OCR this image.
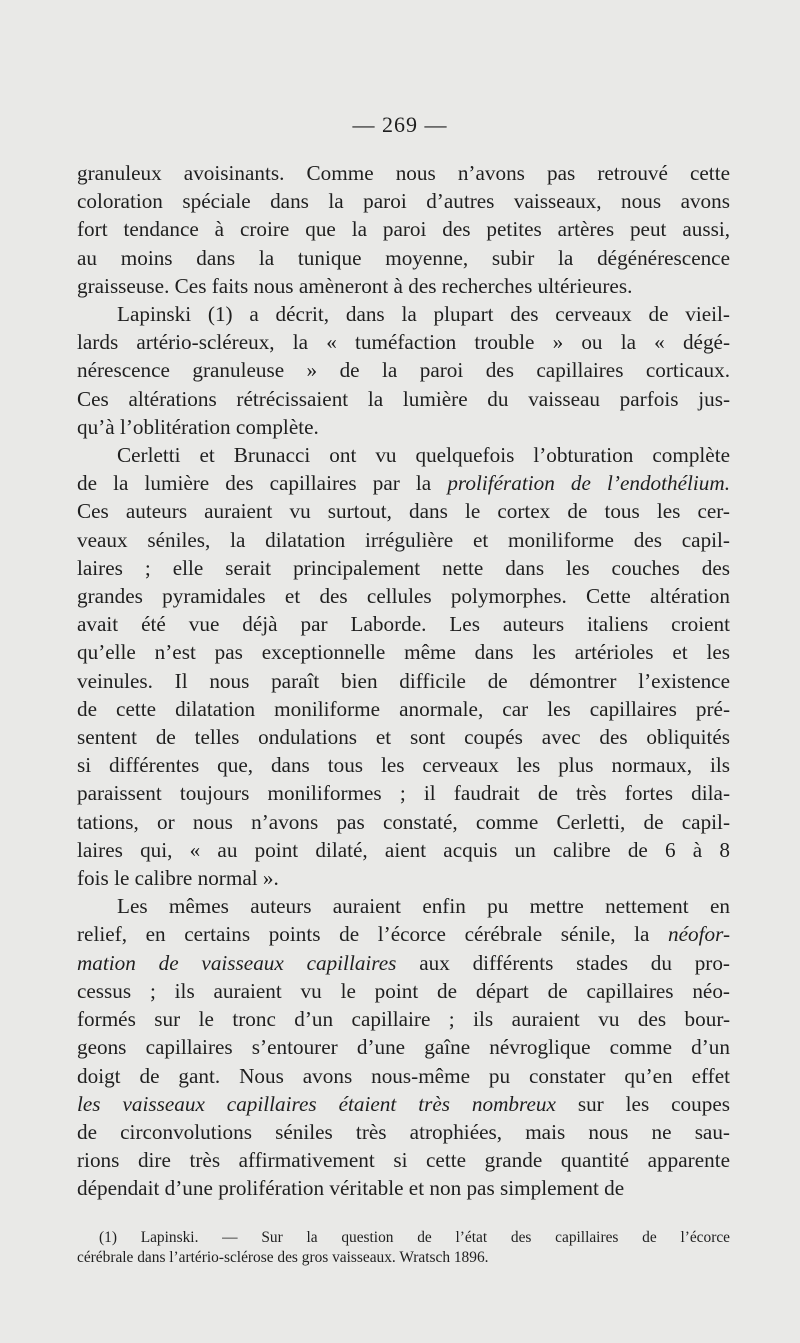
— 269 —

granuleux avoisinants. Comme nous n’avons pas retrouvé cette
coloration spéciale dans la paroi d’autres vaisseaux, nous avons
fort tendance à croire que la paroi des petites artères peut aussi,
au moins dans la tunique moyenne, subir la dégénérescence
graisseuse. Ces faits nous amèneront à des recherches ultérieures.

Lapinski (1) a décrit, dans la plupart des cerveaux de vieil-
lards artério-scléreux, la « tuméfaction trouble » ou la « dégé-
nérescence granuleuse » de la paroi des capillaires corticaux.
Ces altérations rétrécissaient la lumière du vaisseau parfois jus-
qu’à l’oblitération complète.

Cerletti et Brunacci ont vu quelquefois l’obturation complète
de la lumière des capillaires par la prolifération de l’endothélium.
Ces auteurs auraient vu surtout, dans le cortex de tous les cer-
veaux séniles, la dilatation irrégulière et moniliforme des capil-
laires ; elle serait principalement nette dans les couches des
grandes pyramidales et des cellules polymorphes. Cette altération
avait été vue déjà par Laborde. Les auteurs italiens croient
qu’elle n’est pas exceptionnelle même dans les artérioles et les
veinules. Il nous paraît bien difficile de démontrer l’existence
de cette dilatation moniliforme anormale, car les capillaires pré-
sentent de telles ondulations et sont coupés avec des obliquités
si différentes que, dans tous les cerveaux les plus normaux, ils
paraissent toujours moniliformes ; il faudrait de très fortes dila-
tations, or nous n’avons pas constaté, comme Cerletti, de capil-
laires qui, « au point dilaté, aient acquis un calibre de 6 à 8
fois le calibre normal ».

Les mêmes auteurs auraient enfin pu mettre nettement en
relief, en certains points de l’écorce cérébrale sénile, la néofor-
mation de vaisseaux capillaires aux différents stades du pro-
cessus ; ils auraient vu le point de départ de capillaires néo-
formés sur le tronc d’un capillaire ; ils auraient vu des bour-
geons capillaires s’entourer d’une gaîne névroglique comme d’un
doigt de gant. Nous avons nous-même pu constater qu’en effet
les vaisseaux capillaires étaient très nombreux sur les coupes
de circonvolutions séniles très atrophiées, mais nous ne sau-
rions dire très affirmativement si cette grande quantité apparente
dépendait d’une prolifération véritable et non pas simplement de

(1) Lapinski. — Sur la question de l’état des capillaires de l’écorce
cérébrale dans l’artério-sclérose des gros vaisseaux. Wratsch 1896.
